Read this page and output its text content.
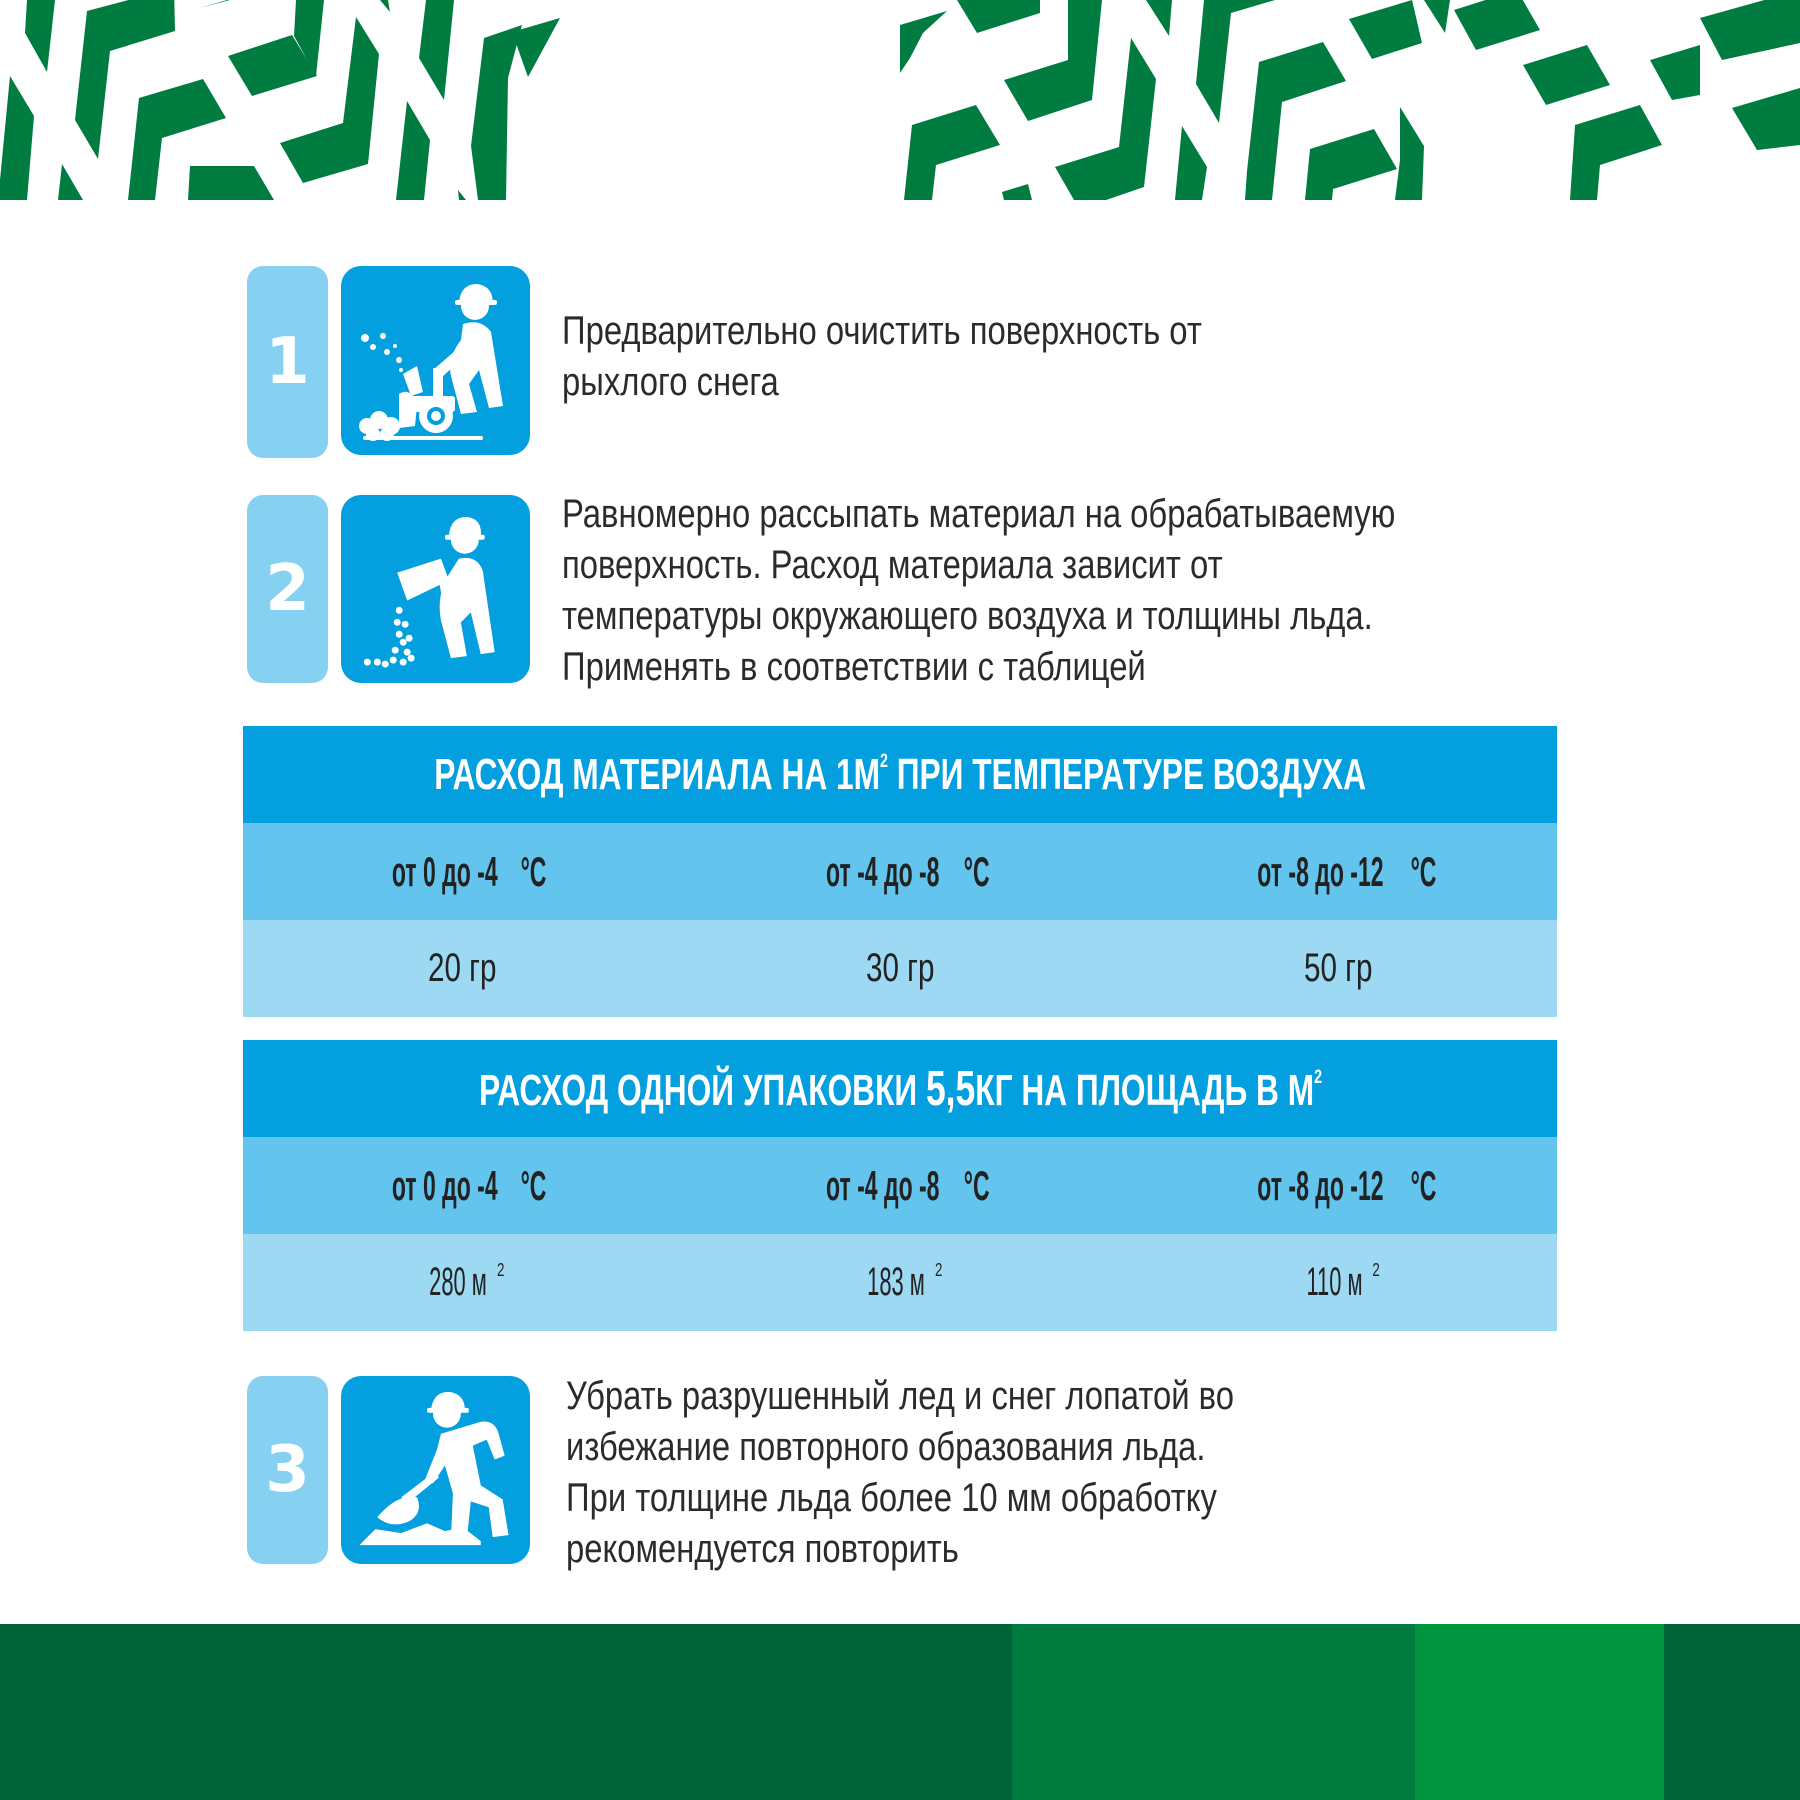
1	Предварительно очистить поверхность от
рыхлого снега
2
Равномерно рассыпать материал на обрабатываемую
поверхность. Расход материала зависит от
температуры окружающего воздуха и толщины льда.
Применять в соответствии с таблицей
РАСХОД МАТЕРИАЛА НА $1М^2$ ПРИ ТЕМПЕРАТУРЕ ВОЗДУХА
от 0 до -4 °С	от -4 до -8 °С	от -8 до -12 °С
20 гр	30 гр	50 гр
РАСХОД ОДНОЙ УПАКОВКИ 5,5КГ НА ПЛОЩАДЬ В $М^2$
от 0 до -4 °С	от -4 до -8 °С	от -8 до -12 °С
280 м $^2$	183 м $^2$	110 м $^2$
3
Убрать разрушенный лед и снег лопатой во
избежание повторного образования льда.
При толщине льда более 10 мм обработку
рекомендуется повторить
